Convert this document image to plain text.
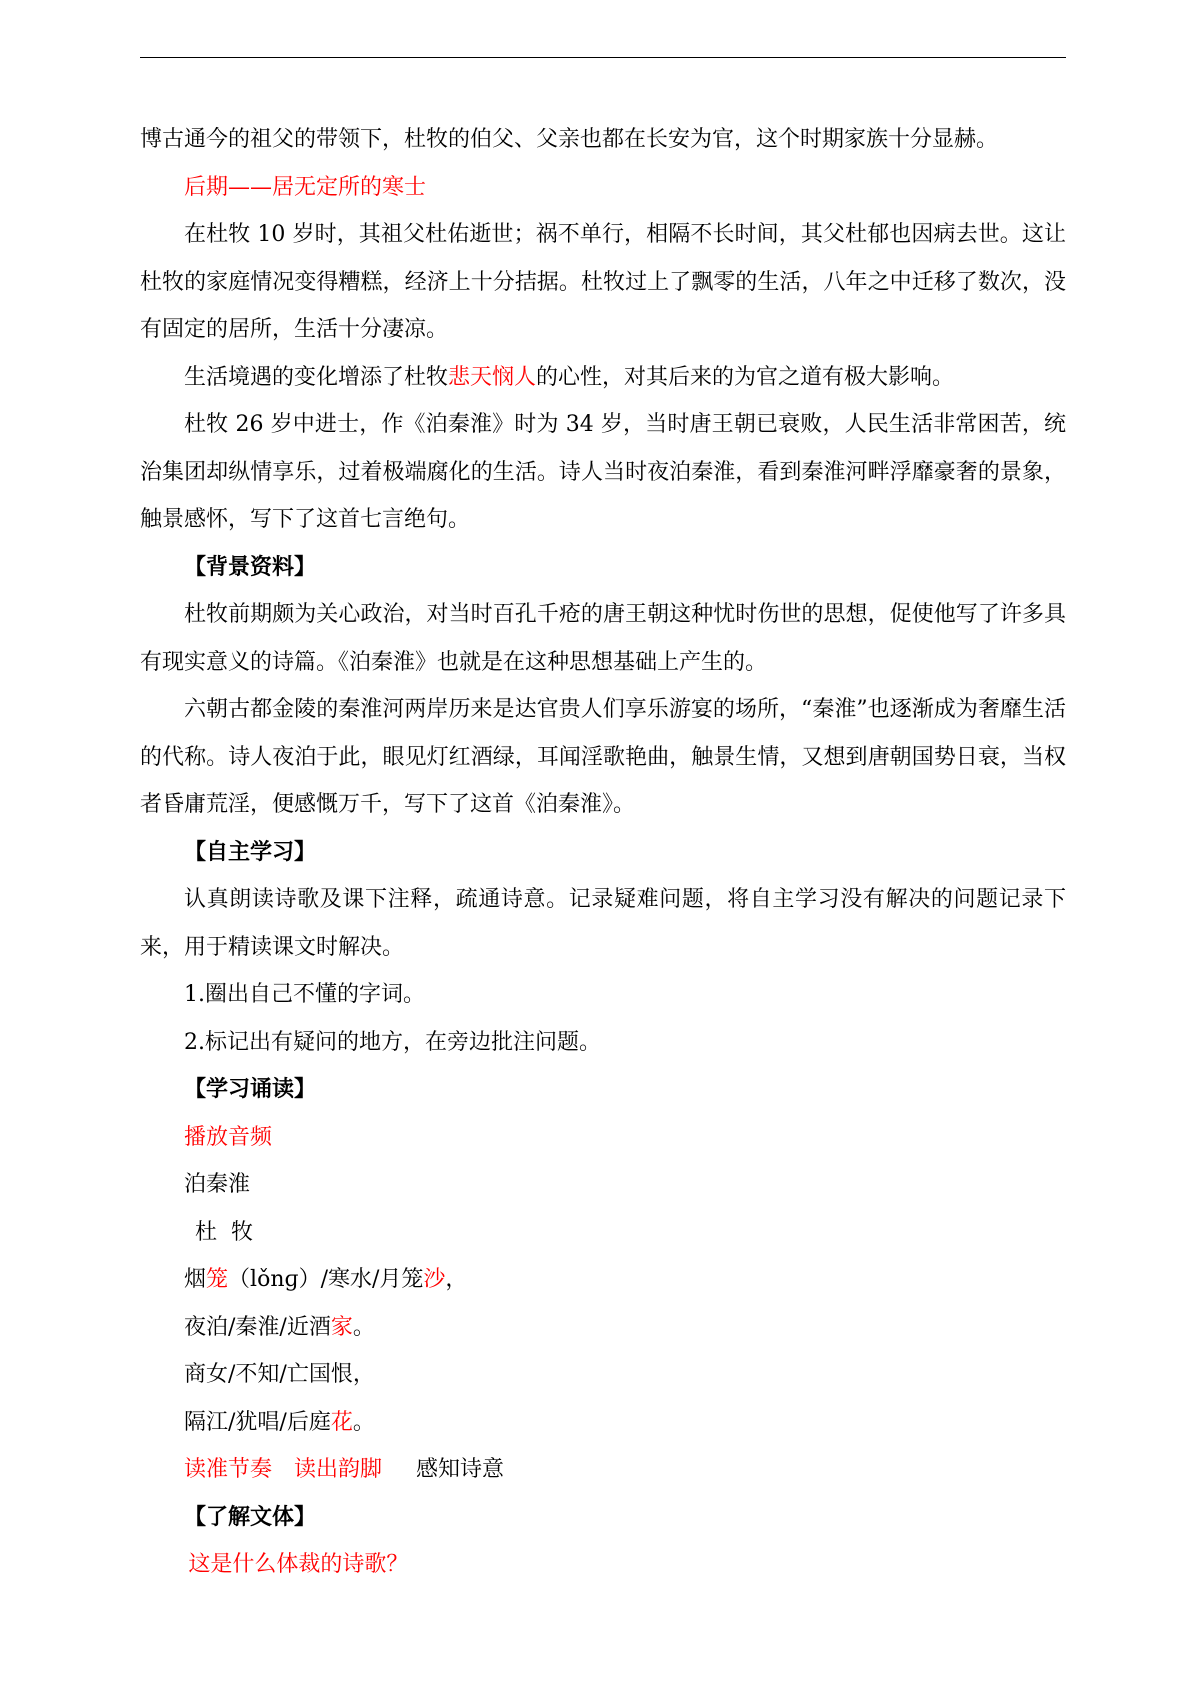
博古通今的祖父的带领下，杜牧的伯父、父亲也都在长安为官，这个时期家族十分显赫。

后期——居无定所的寒士

在杜牧 10 岁时，其祖父杜佑逝世；祸不单行，相隔不长时间，其父杜郁也因病去世。这让杜牧的家庭情况变得糟糕，经济上十分拮据。杜牧过上了飘零的生活，八年之中迁移了数次，没有固定的居所，生活十分凄凉。

生活境遇的变化增添了杜牧悲天悯人的心性，对其后来的为官之道有极大影响。

杜牧 26 岁中进士，作《泊秦淮》时为 34 岁，当时唐王朝已衰败，人民生活非常困苦，统治集团却纵情享乐，过着极端腐化的生活。诗人当时夜泊秦淮，看到秦淮河畔浮靡豪奢的景象，触景感怀，写下了这首七言绝句。

【背景资料】

杜牧前期颇为关心政治，对当时百孔千疮的唐王朝这种忧时伤世的思想，促使他写了许多具有现实意义的诗篇。《泊秦淮》也就是在这种思想基础上产生的。

六朝古都金陵的秦淮河两岸历来是达官贵人们享乐游宴的场所，“秦淮”也逐渐成为奢靡生活的代称。诗人夜泊于此，眼见灯红酒绿，耳闻淫歌艳曲，触景生情，又想到唐朝国势日衰，当权者昏庸荒淫，便感慨万千，写下了这首《泊秦淮》。

【自主学习】

认真朗读诗歌及课下注释，疏通诗意。记录疑难问题，将自主学习没有解决的问题记录下来，用于精读课文时解决。

1.圈出自己不懂的字词。

2.标记出有疑问的地方，在旁边批注问题。

【学习诵读】

播放音频

泊秦淮

杜  牧

烟笼（lǒnɡ）/寒水/月笼沙，

夜泊/秦淮/近酒家。

商女/不知/亡国恨，

隔江/犹唱/后庭花。

读准节奏 读出韵脚 感知诗意

【了解文体】

这是什么体裁的诗歌？
